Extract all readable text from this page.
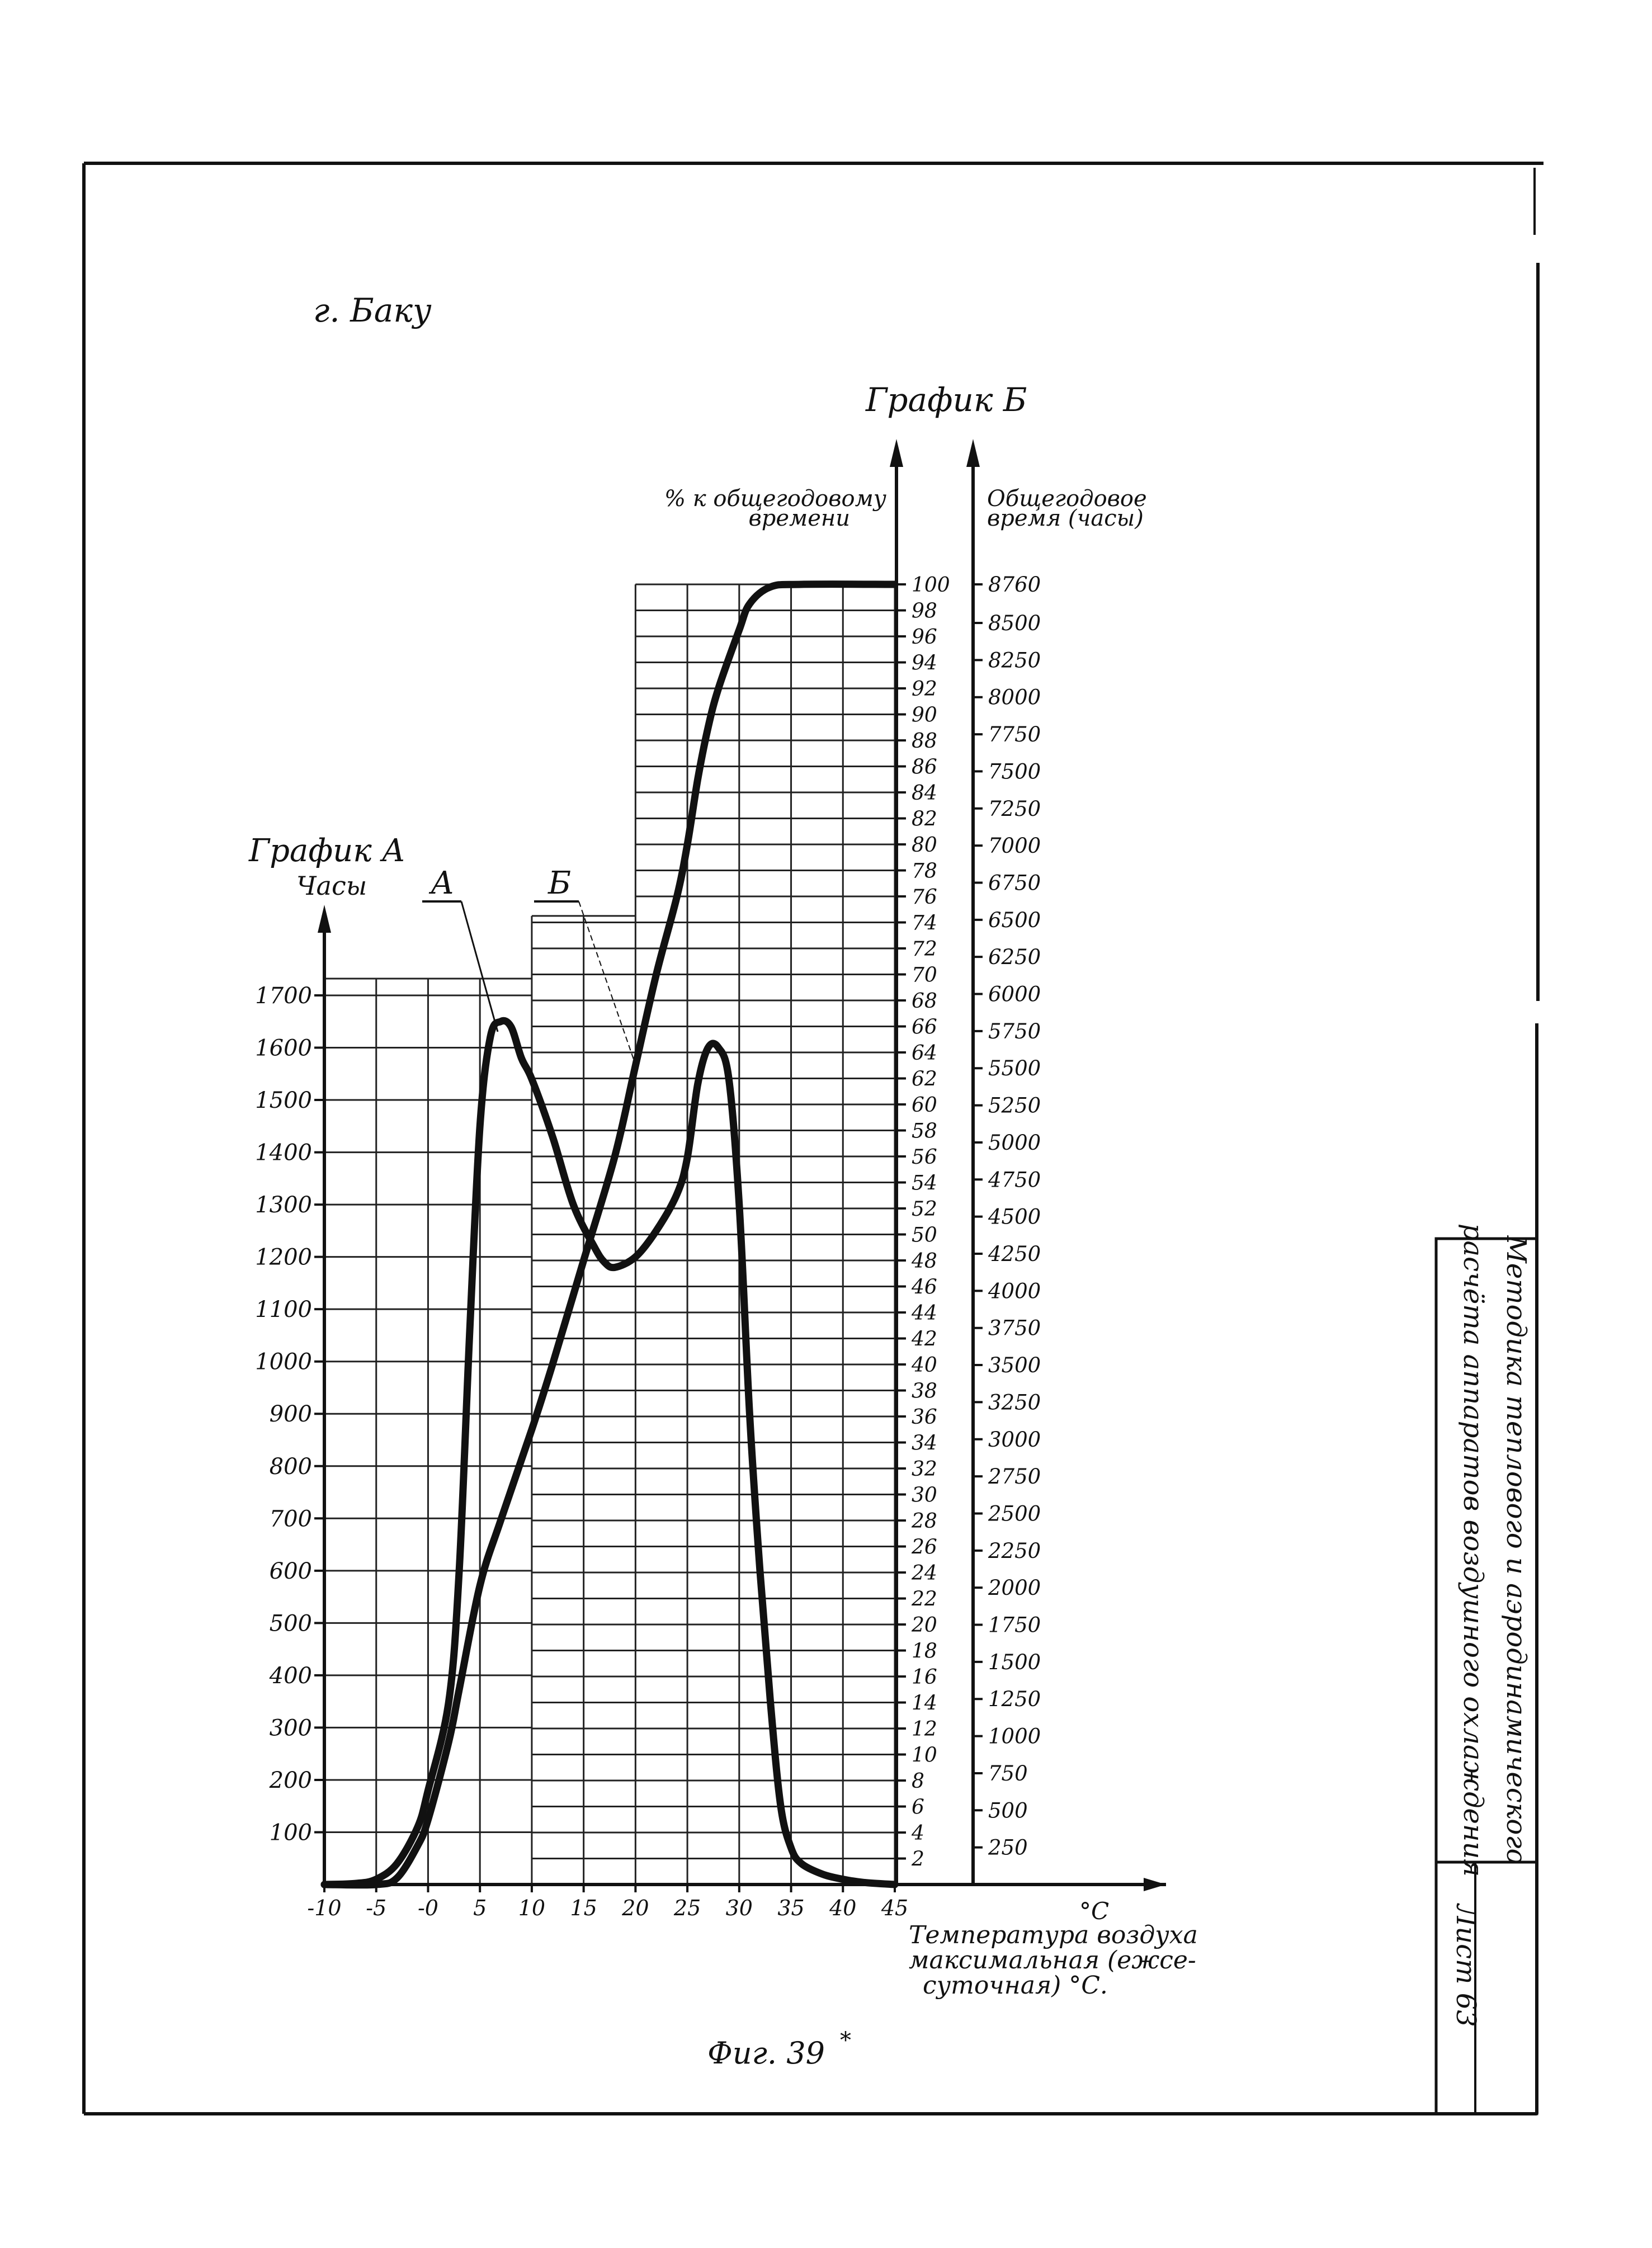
Методика теплового и аэродинамического
расчёта аппаратов воздушного охлаждения
Лист 63
г. Баку
100
200
300
400
500
600
700
800
900
1000
1100
1200
1300
1400
1500
1600
1700
2
4
6
8
10
12
14
16
18
20
22
24
26
28
30
32
34
36
38
40
42
44
46
48
50
52
54
56
58
60
62
64
66
68
70
72
74
76
78
80
82
84
86
88
90
92
94
96
98
100
250
500
750
1000
1250
1500
1750
2000
2250
2500
2750
3000
3250
3500
3750
4000
4250
4500
4750
5000
5250
5500
5750
6000
6250
6500
6750
7000
7250
7500
7750
8000
8250
8500
8760
-10 -5 -0 5 10 15 20 25 30 35 40 45
График А
Часы
График Б
% к общегодовому
времени
Общегодовое
время (часы)
°С
Температура воздуха
максимальная (ежсе-
суточная) °С.
А	Б
Фиг. 39 *
